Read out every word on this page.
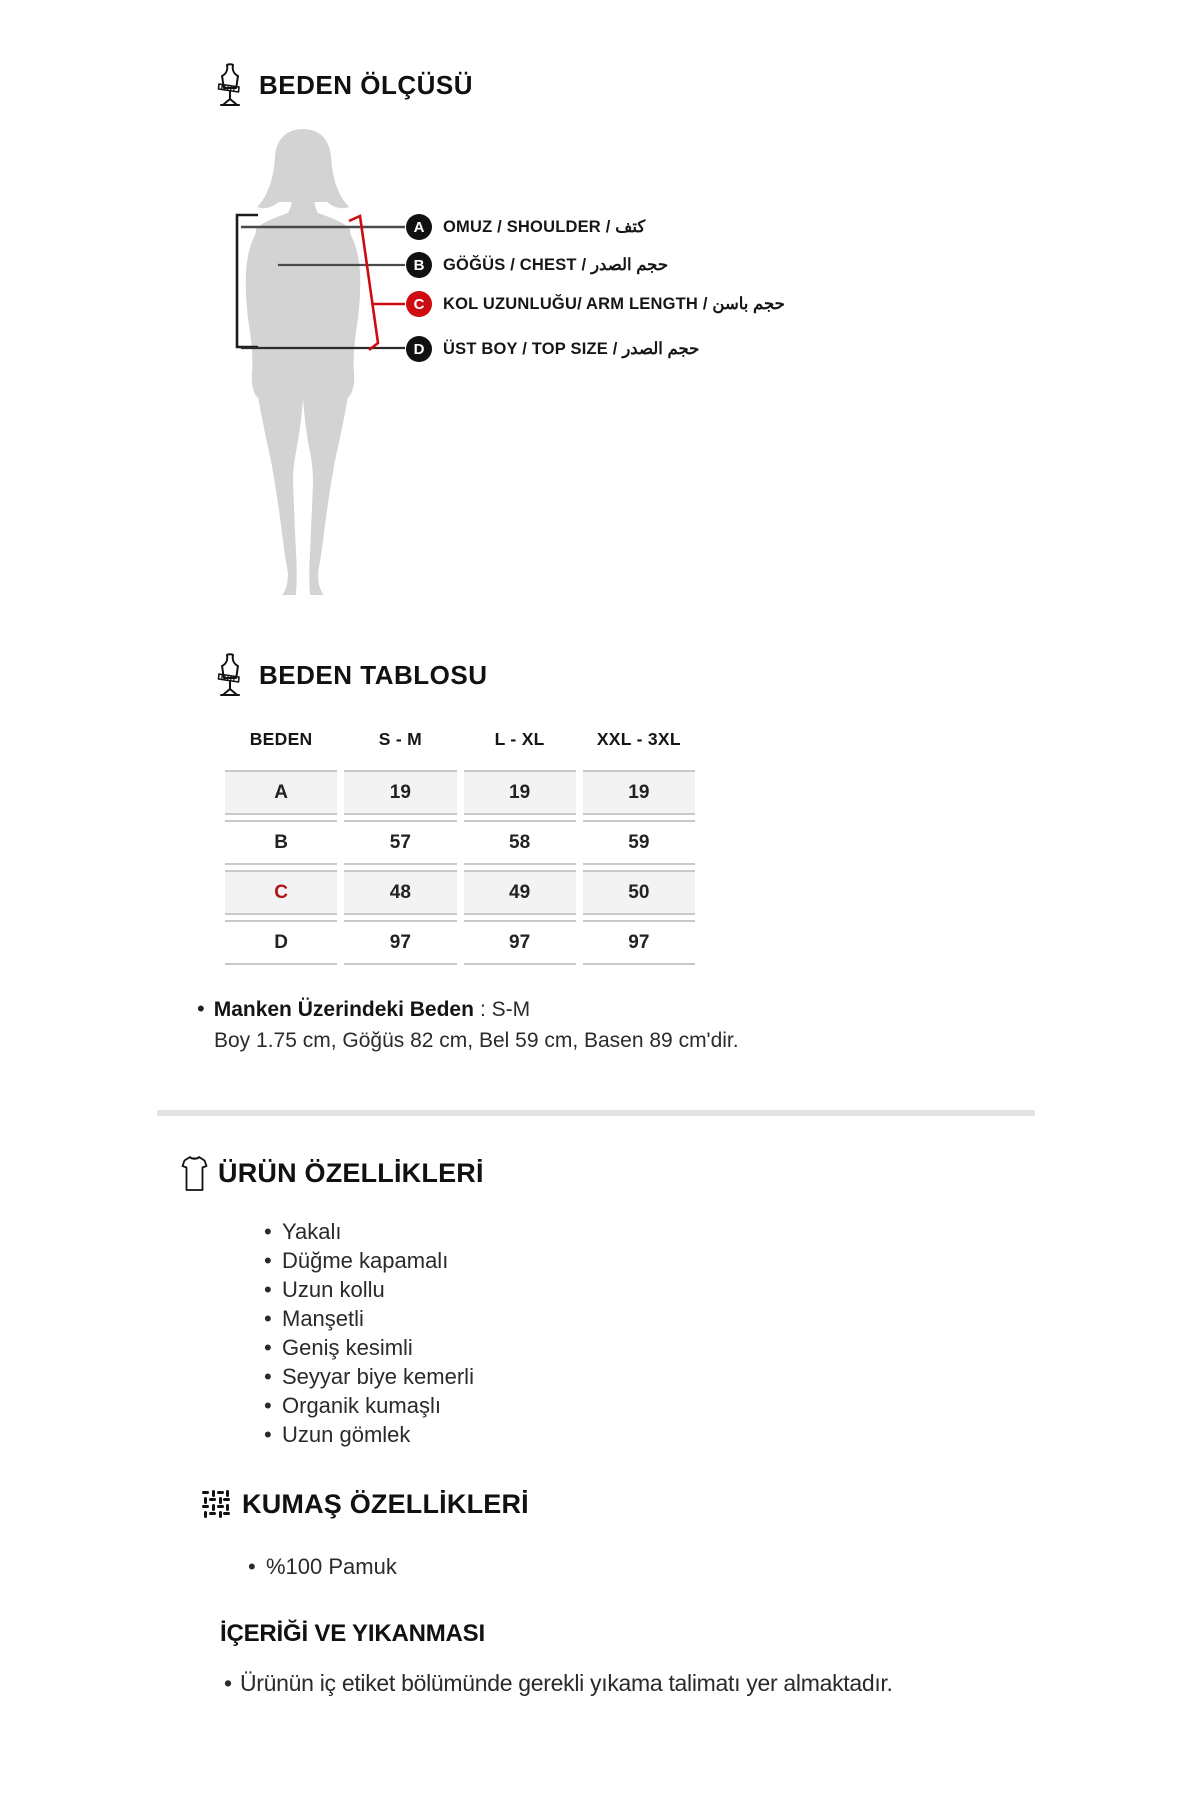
BEDEN ÖLÇÜSÜ
A	OMUZ / SHOULDER / كتف
B	GÖĞÜS / CHEST / حجم الصدر
C	KOL UZUNLUĞU/ ARM LENGTH / حجم باسن
D	ÜST BOY / TOP SIZE / حجم الصدر
BEDEN TABLOSU
BEDEN	S - M	L - XL	XXL - 3XL
A	19	19	19
B	57	58	59
C	48	49	50
D	97	97	97
• Manken Üzerindeki Beden : S-M
Boy 1.75 cm, Göğüs 82 cm, Bel 59 cm, Basen 89 cm'dir.
ÜRÜN ÖZELLİKLERİ
• Yakalı
• Düğme kapamalı
• Uzun kollu
• Manşetli
• Geniş kesimli
• Seyyar biye kemerli
• Organik kumaşlı
• Uzun gömlek
KUMAŞ ÖZELLİKLERİ
• %100 Pamuk
İÇERİĞİ VE YIKANMASI
• Ürünün iç etiket bölümünde gerekli yıkama talimatı yer almaktadır.
